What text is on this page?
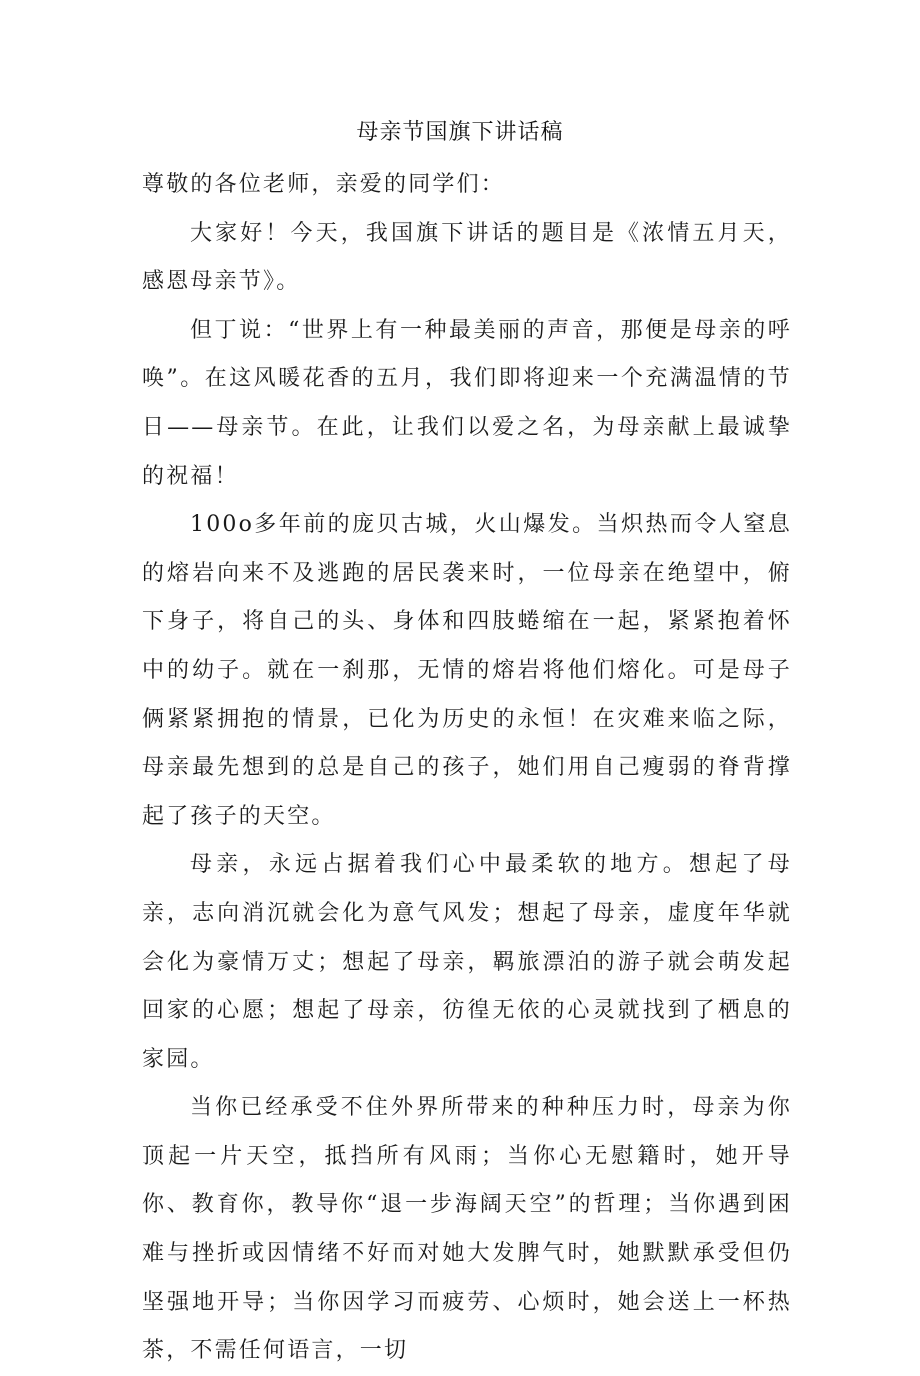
母亲节国旗下讲话稿

尊敬的各位老师，亲爱的同学们：

大家好！今天，我国旗下讲话的题目是《浓情五月天，感恩母亲节》。

但丁说：“世界上有一种最美丽的声音，那便是母亲的呼唤”。在这风暖花香的五月，我们即将迎来一个充满温情的节日——母亲节。在此，让我们以爱之名，为母亲献上最诚挚的祝福！

100o多年前的庞贝古城，火山爆发。当炽热而令人窒息的熔岩向来不及逃跑的居民袭来时，一位母亲在绝望中，俯下身子，将自己的头、身体和四肢蜷缩在一起，紧紧抱着怀中的幼子。就在一刹那，无情的熔岩将他们熔化。可是母子俩紧紧拥抱的情景，已化为历史的永恒！在灾难来临之际，母亲最先想到的总是自己的孩子，她们用自己瘦弱的脊背撑起了孩子的天空。

母亲，永远占据着我们心中最柔软的地方。想起了母亲，志向消沉就会化为意气风发；想起了母亲，虚度年华就会化为豪情万丈；想起了母亲，羁旅漂泊的游子就会萌发起回家的心愿；想起了母亲，彷徨无依的心灵就找到了栖息的家园。

当你已经承受不住外界所带来的种种压力时，母亲为你顶起一片天空，抵挡所有风雨；当你心无慰籍时，她开导你、教育你，教导你“退一步海阔天空”的哲理；当你遇到困难与挫折或因情绪不好而对她大发脾气时，她默默承受但仍坚强地开导；当你因学习而疲劳、心烦时，她会送上一杯热茶，不需任何语言，一切
